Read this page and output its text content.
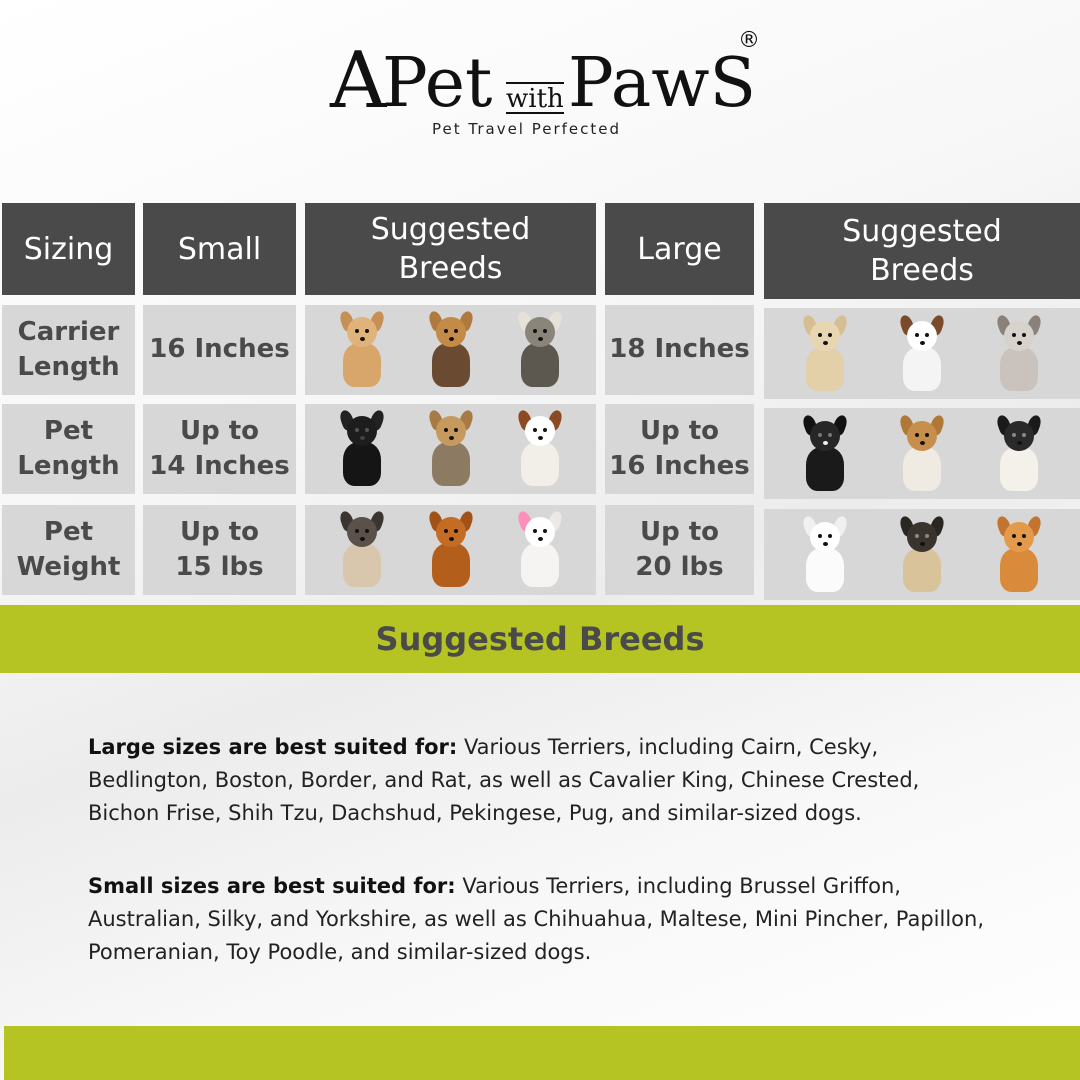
A
Pet with PawS
®
Pet Travel Perfected
Sizing Small
Suggested
Breeds
Large	Suggested
Breeds
Carrier
Length
16 Inches	18 Inches
Pet
Length
Up to
14 Inches
Up to
16 Inches
Pet
Weight
Up to
15 lbs
Up to
20 lbs
Suggested Breeds

Large sizes are best suited for: Various Terriers, including Cairn, Cesky, Bedlington, Boston, Border, and Rat, as well as Cavalier King, Chinese Crested, Bichon Frise, Shih Tzu, Dachshud, Pekingese, Pug, and similar-sized dogs.

Small sizes are best suited for: Various Terriers, including Brussel Griffon, Australian, Silky, and Yorkshire, as well as Chihuahua, Maltese, Mini Pincher, Papillon, Pomeranian, Toy Poodle, and similar-sized dogs.
